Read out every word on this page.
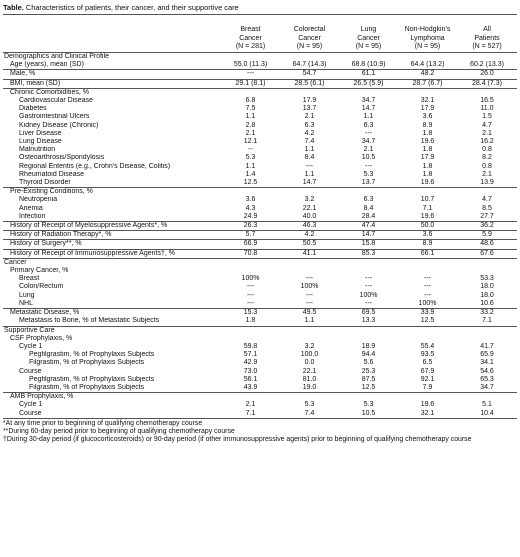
Table. Characteristics of patients, their cancer, and their supportive care
	Breast
Cancer
(N = 281)	Colorectal
Cancer
(N = 95)	Lung
Cancer
(N = 95)	Non-Hodgkin's
Lymphoma
(N = 95)	All
Patients
(N = 527)
Demographics and Clinical Profile					
Age (years), mean (SD)	55.0 (11.3)	64.7 (14.3)	68.8 (10.9)	64.4 (13.2)	60.2 (13.3)
Male, %	---	54.7	61.1	48.2	26.0
BMI, mean (SD)	29.1 (8.1)	28.5 (6.1)	26.5 (5.9)	28.7 (6.7)	28.4 (7.3)
Chronic Comorbidities, %					
Cardiovascular Disease	6.8	17.9	34.7	32.1	16.5
Diabetes	7.5	13.7	14.7	17.9	11.0
Gastrointestinal Ulcers	1.1	2.1	1.1	3.6	1.5
Kidney Disease (Chronic)	2.8	6.3	6.3	8.9	4.7
Liver Disease	2.1	4.2	---	1.8	2.1
Lung Disease	12.1	7.4	34.7	19.6	16.2
Malnutrition	--	1.1	2.1	1.8	0.8
Osteoarthrosis/Spondylosis	5.3	8.4	10.5	17.9	8.2
Regional Enteritis (e.g., Crohn's Disease, Colitis)	1.1	---	---	1.8	0.8
Rheumatoid Disease	1.4	1.1	5.3	1.8	2.1
Thyroid Disorder	12.5	14.7	13.7	19.6	13.9
Pre-Existing Conditions, %					
Neutropenia	3.6	3.2	6.3	10.7	4.7
Anemia	4.3	22.1	8.4	7.1	8.5
Infection	24.9	40.0	28.4	19.6	27.7
History of Receipt of Myelosuppressive Agents*, %	26.3	46.3	47.4	50.0	36.2
History of Radiation Therapy*, %	5.7	4.2	14.7	3.6	5.9
History of Surgery**, %	66.9	50.5	15.8	8.9	48.6
History of Receipt of Immunosuppressive Agents†, %	70.8	41.1	85.3	66.1	67.6
Cancer					
Primary Cancer, %					
Breast	100%	---	---	---	53.3
Colon/Rectum	---	100%	---	---	18.0
Lung	---	---	100%	---	18.0
NHL	---	---	---	100%	10.6
Metastatic Disease, %	15.3	49.5	69.5	33.9	33.2
Metastasis to Bone, % of Metastatic Subjects	1.8	1.1	13.3	12.5	7.1
Supportive Care					
CSF Prophylaxis, %					
Cycle 1	59.8	3.2	18.9	55.4	41.7
Pegfilgrastim, % of Prophylaxis Subjects	57.1	100.0	94.4	93.5	65.9
Filgrastim, % of Prophylaxis Subjects	42.9	0.0	5.6	6.5	34.1
Course	73.0	22.1	25.3	67.9	54.6
Pegfilgrastim, % of Prophylaxis Subjects	56.1	81.0	87.5	92.1	65.3
Filgrastim, % of Prophylaxis Subjects	43.9	19.0	12.5	7.9	34.7
AMB Prophylaxis, %					
Cycle 1	2.1	5.3	5.3	19.6	5.1
Course	7.1	7.4	10.5	32.1	10.4
*At any time prior to beginning of qualifying chemotherapy course
**During 60-day period prior to beginning of qualifying chemotherapy course
†During 30-day period (if glucocorticosteroids) or 90-day period (if other immunosuppressive agents) prior to beginning of qualifying chemotherapy course
